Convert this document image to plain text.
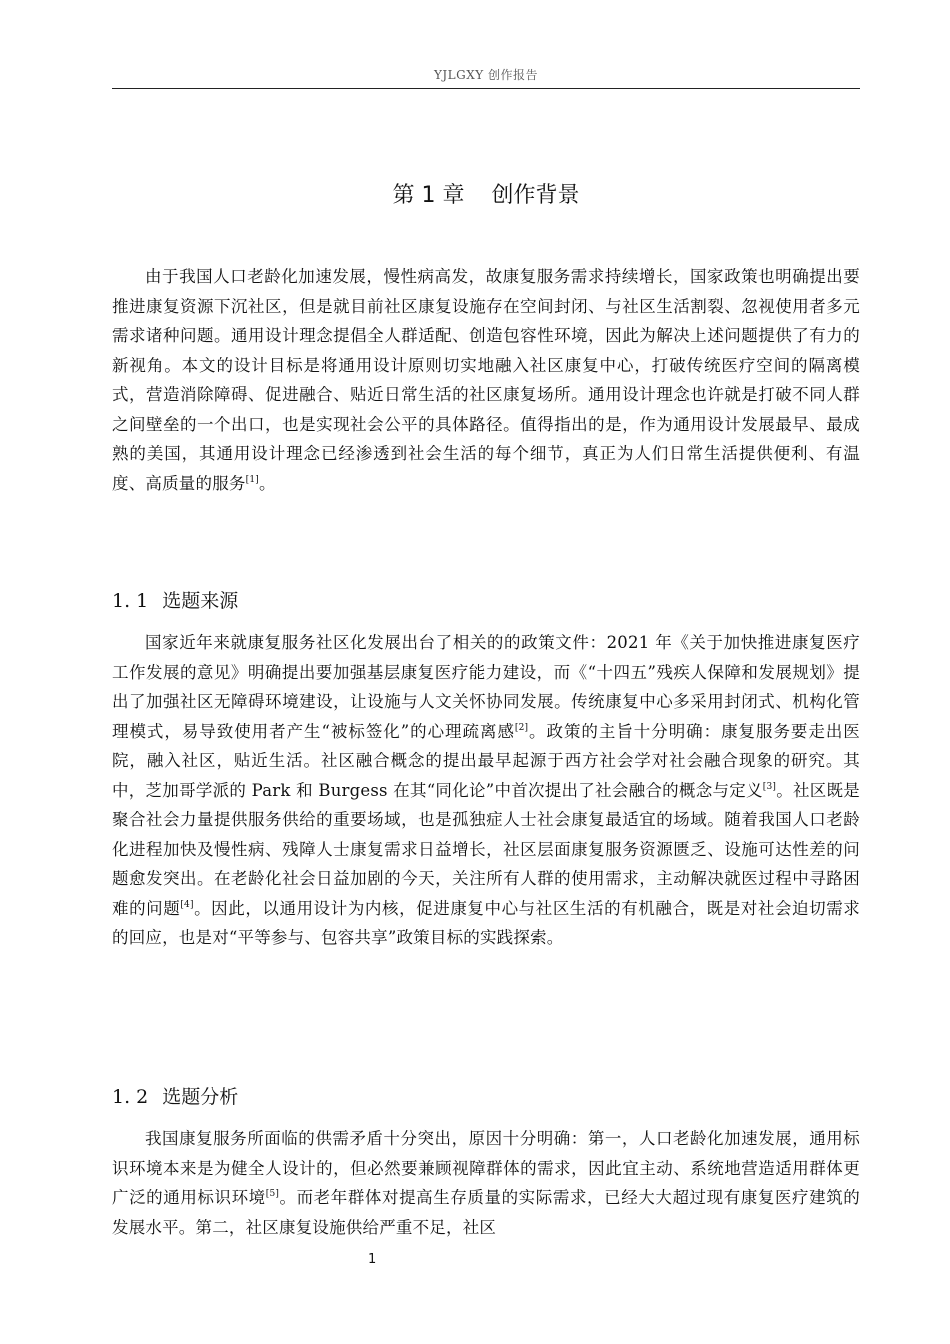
YJLGXY 创作报告
第 1 章 创作背景

由于我国人口老龄化加速发展，慢性病高发，故康复服务需求持续增长，国家政策也明确提出要推进康复资源下沉社区，但是就目前社区康复设施存在空间封闭、与社区生活割裂、忽视使用者多元需求诸种问题。通用设计理念提倡全人群适配、创造包容性环境，因此为解决上述问题提供了有力的新视角。本文的设计目标是将通用设计原则切实地融入社区康复中心，打破传统医疗空间的隔离模式，营造消除障碍、促进融合、贴近日常生活的社区康复场所。通用设计理念也许就是打破不同人群之间壁垒的一个出口，也是实现社会公平的具体路径。值得指出的是，作为通用设计发展最早、最成熟的美国，其通用设计理念已经渗透到社会生活的每个细节，真正为人们日常生活提供便利、有温度、高质量的服务[1]。

1. 1 选题来源

国家近年来就康复服务社区化发展出台了相关的的政策文件：2021 年《关于加快推进康复医疗工作发展的意见》明确提出要加强基层康复医疗能力建设，而《“十四五”残疾人保障和发展规划》提出了加强社区无障碍环境建设，让设施与人文关怀协同发展。传统康复中心多采用封闭式、机构化管理模式，易导致使用者产生“被标签化”的心理疏离感[2]。政策的主旨十分明确：康复服务要走出医院，融入社区，贴近生活。社区融合概念的提出最早起源于西方社会学对社会融合现象的研究。其中，芝加哥学派的 Park 和 Burgess 在其“同化论”中首次提出了社会融合的概念与定义[3]。社区既是聚合社会力量提供服务供给的重要场域，也是孤独症人士社会康复最适宜的场域。随着我国人口老龄化进程加快及慢性病、残障人士康复需求日益增长，社区层面康复服务资源匮乏、设施可达性差的问题愈发突出。在老龄化社会日益加剧的今天，关注所有人群的使用需求，主动解决就医过程中寻路困难的问题[4]。因此，以通用设计为内核，促进康复中心与社区生活的有机融合，既是对社会迫切需求的回应，也是对“平等参与、包容共享”政策目标的实践探索。

1. 2 选题分析

我国康复服务所面临的供需矛盾十分突出，原因十分明确：第一，人口老龄化加速发展，通用标识环境本来是为健全人设计的，但必然要兼顾视障群体的需求，因此宜主动、系统地营造适用群体更广泛的通用标识环境[5]。而老年群体对提高生存质量的实际需求，已经大大超过现有康复医疗建筑的发展水平。第二，社区康复设施供给严重不足，社区

1
